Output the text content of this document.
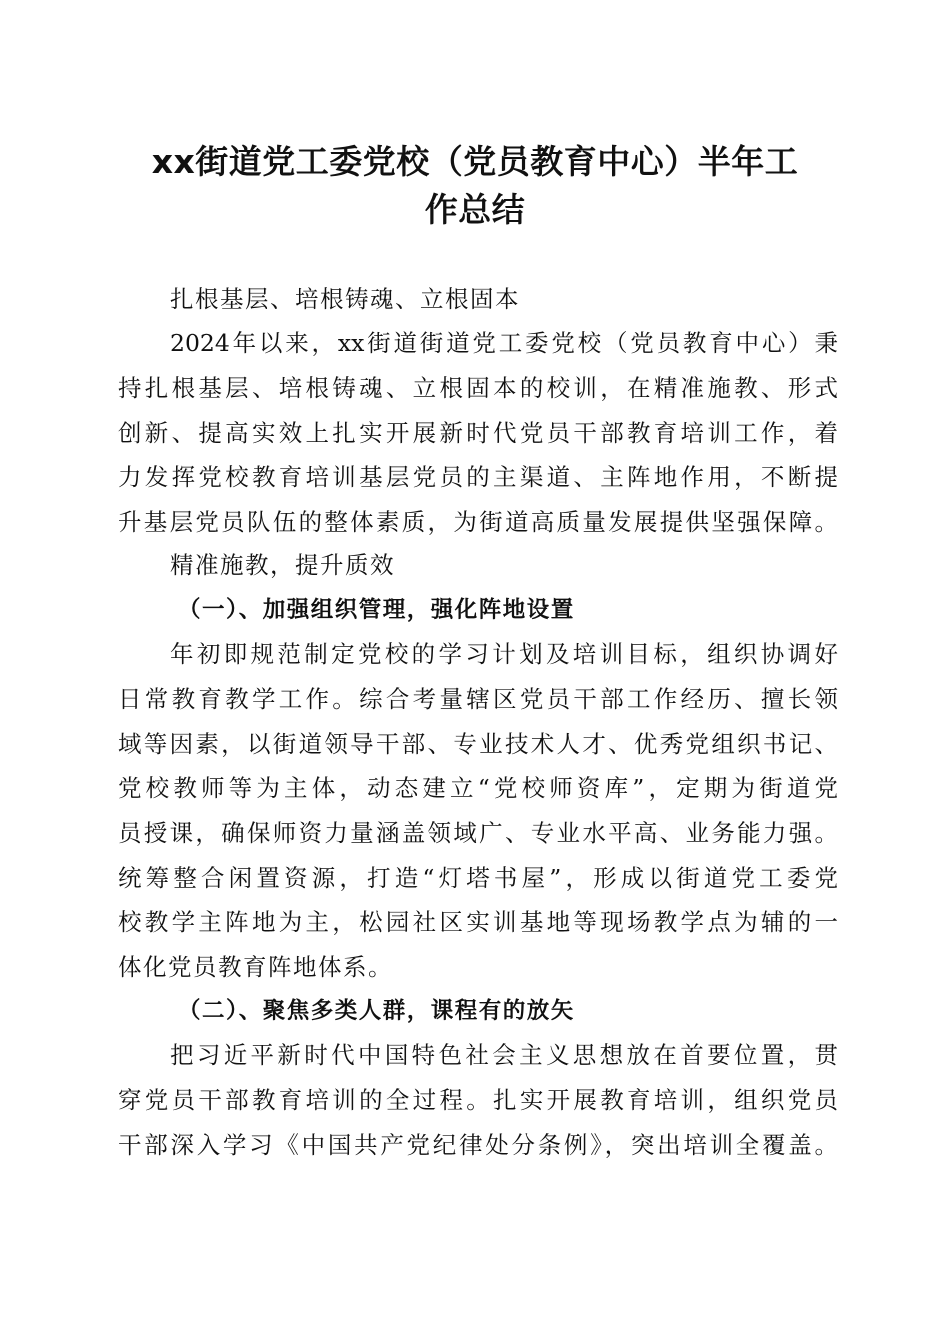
xx街道党工委党校（党员教育中心）半年工
作总结

扎根基层、培根铸魂、立根固本

2024年以来，xx街道街道党工委党校（党员教育中心）秉

持扎根基层、培根铸魂、立根固本的校训，在精准施教、形式

创新、提高实效上扎实开展新时代党员干部教育培训工作，着

力发挥党校教育培训基层党员的主渠道、主阵地作用，不断提

升基层党员队伍的整体素质，为街道高质量发展提供坚强保障。

精准施教，提升质效

（一）、加强组织管理，强化阵地设置

年初即规范制定党校的学习计划及培训目标，组织协调好

日常教育教学工作。综合考量辖区党员干部工作经历、擅长领

域等因素，以街道领导干部、专业技术人才、优秀党组织书记、

党校教师等为主体，动态建立“党校师资库”，定期为街道党

员授课，确保师资力量涵盖领域广、专业水平高、业务能力强。

统筹整合闲置资源，打造“灯塔书屋”，形成以街道党工委党

校教学主阵地为主，松园社区实训基地等现场教学点为辅的一

体化党员教育阵地体系。

（二）、聚焦多类人群，课程有的放矢

把习近平新时代中国特色社会主义思想放在首要位置，贯

穿党员干部教育培训的全过程。扎实开展教育培训，组织党员

干部深入学习《中国共产党纪律处分条例》，突出培训全覆盖。
